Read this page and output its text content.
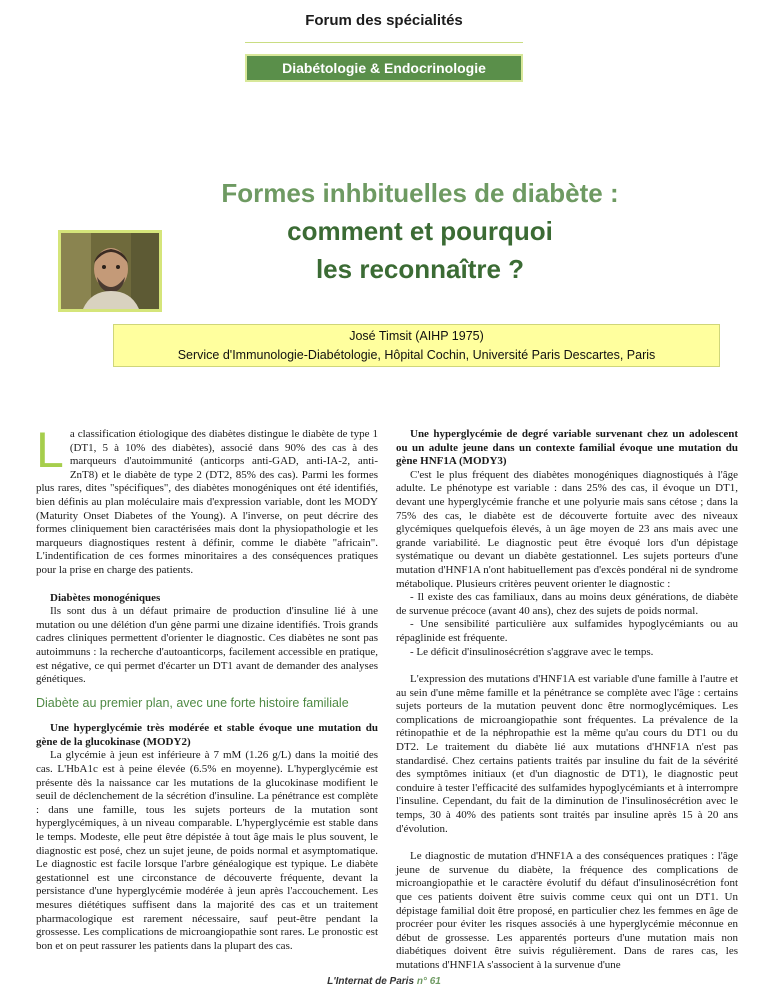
Forum des spécialités
Diabétologie & Endocrinologie
Formes inhbituelles de diabète :
comment et pourquoi
les reconnaître ?
José Timsit (AIHP 1975)
Service d'Immunologie-Diabétologie, Hôpital Cochin, Université Paris Descartes, Paris

La classification étiologique des diabètes distingue le diabète de type 1 (DT1, 5 à 10% des diabètes), associé dans 90% des cas à des marqueurs d'autoimmunité (anticorps anti-GAD, anti-IA-2, anti-ZnT8) et le diabète de type 2 (DT2, 85% des cas). Parmi les formes plus rares, dites "spécifiques", des diabètes monogéniques ont été identifiés, bien définis au plan moléculaire mais d'expression variable, dont les MODY (Maturity Onset Diabetes of the Young). A l'inverse, on peut décrire des formes cliniquement bien caractérisées mais dont la physiopathologie et les marqueurs diagnostiques restent à définir, comme le diabète "africain". L'indentification de ces formes minoritaires a des conséquences pratiques pour la prise en charge des patients.

Diabètes monogéniques

Ils sont dus à un défaut primaire de production d'insuline lié à une mutation ou une délétion d'un gène parmi une dizaine identifiés. Trois grands cadres cliniques permettent d'orienter le diagnostic. Ces diabètes ne sont pas autoimmuns : la recherche d'autoanticorps, facilement accessible en pratique, est négative, ce qui permet d'écarter un DT1 avant de demander des analyses génétiques.

Diabète au premier plan, avec une forte histoire familiale

Une hyperglycémie très modérée et stable évoque une mutation du gène de la glucokinase (MODY2)

La glycémie à jeun est inférieure à 7 mM (1.26 g/L) dans la moitié des cas. L'HbA1c est à peine élevée (6.5% en moyenne). L'hyperglycémie est présente dès la naissance car les mutations de la glucokinase modifient le seuil de déclenchement de la sécrétion d'insuline. La pénétrance est complète : dans une famille, tous les sujets porteurs de la mutation sont hyperglycémiques, à un niveau comparable. L'hyperglycémie est stable dans le temps. Modeste, elle peut être dépistée à tout âge mais le plus souvent, le diagnostic est posé, chez un sujet jeune, de poids normal et asymptomatique. Le diagnostic est facile lorsque l'arbre généalogique est typique. Le diabète gestationnel est une circonstance de découverte fréquente, devant la persistance d'une hyperglycémie modérée à jeun après l'accouchement. Les mesures diététiques suffisent dans la majorité des cas et un traitement pharmacologique est rarement nécessaire, sauf peut-être pendant la grossesse. Les complications de microangiopathie sont rares. Le pronostic est bon et on peut rassurer les patients dans la plupart des cas.

Une hyperglycémie de degré variable survenant chez un adolescent ou un adulte jeune dans un contexte familial évoque une mutation du gène HNF1A (MODY3)

C'est le plus fréquent des diabètes monogéniques diagnostiqués à l'âge adulte. Le phénotype est variable : dans 25% des cas, il évoque un DT1, devant une hyperglycémie franche et une polyurie mais sans cétose ; dans la 75% des cas, le diabète est de découverte fortuite avec des niveaux glycémiques quelquefois élevés, à un âge moyen de 23 ans mais avec une grande variabilité. Le diagnostic peut être évoqué lors d'un dépistage systématique ou devant un diabète gestationnel. Les sujets porteurs d'une mutation d'HNF1A n'ont habituellement pas d'excès pondéral ni de syndrome métabolique. Plusieurs critères peuvent orienter le diagnostic :

- Il existe des cas familiaux, dans au moins deux générations, de diabète de survenue précoce (avant 40 ans), chez des sujets de poids normal.

- Une sensibilité particulière aux sulfamides hypoglycémiants ou au répaglinide est fréquente.

- Le déficit d'insulinosécrétion s'aggrave avec le temps.

L'expression des mutations d'HNF1A est variable d'une famille à l'autre et au sein d'une même famille et la pénétrance se complète avec l'âge : certains sujets porteurs de la mutation peuvent donc être normoglycémiques. Les complications de microangiopathie sont fréquentes. La prévalence de la rétinopathie et de la néphropathie est la même qu'au cours du DT1 ou du DT2. Le traitement du diabète lié aux mutations d'HNF1A n'est pas standardisé. Chez certains patients traités par insuline du fait de la sévérité des symptômes initiaux (et d'un diagnostic de DT1), le diagnostic peut conduire à tester l'efficacité des sulfamides hypoglycémiants et à interrompre l'insuline. Cependant, du fait de la diminution de l'insulinosécrétion avec le temps, 30 à 40% des patients sont traités par insuline après 15 à 20 ans d'évolution.

Le diagnostic de mutation d'HNF1A a des conséquences pratiques : l'âge jeune de survenue du diabète, la fréquence des complications de microangiopathie et le caractère évolutif du défaut d'insulinosécrétion font que ces patients doivent être suivis comme ceux qui ont un DT1. Un dépistage familial doit être proposé, en particulier chez les femmes en âge de procréer pour éviter les risques associés à une hyperglycémie méconnue en début de grossesse. Les apparentés porteurs d'une mutation mais non diabétiques doivent être suivis régulièrement. Dans de rares cas, les mutations d'HNF1A s'associent à la survenue d'une

L'Internat de Paris n° 61
